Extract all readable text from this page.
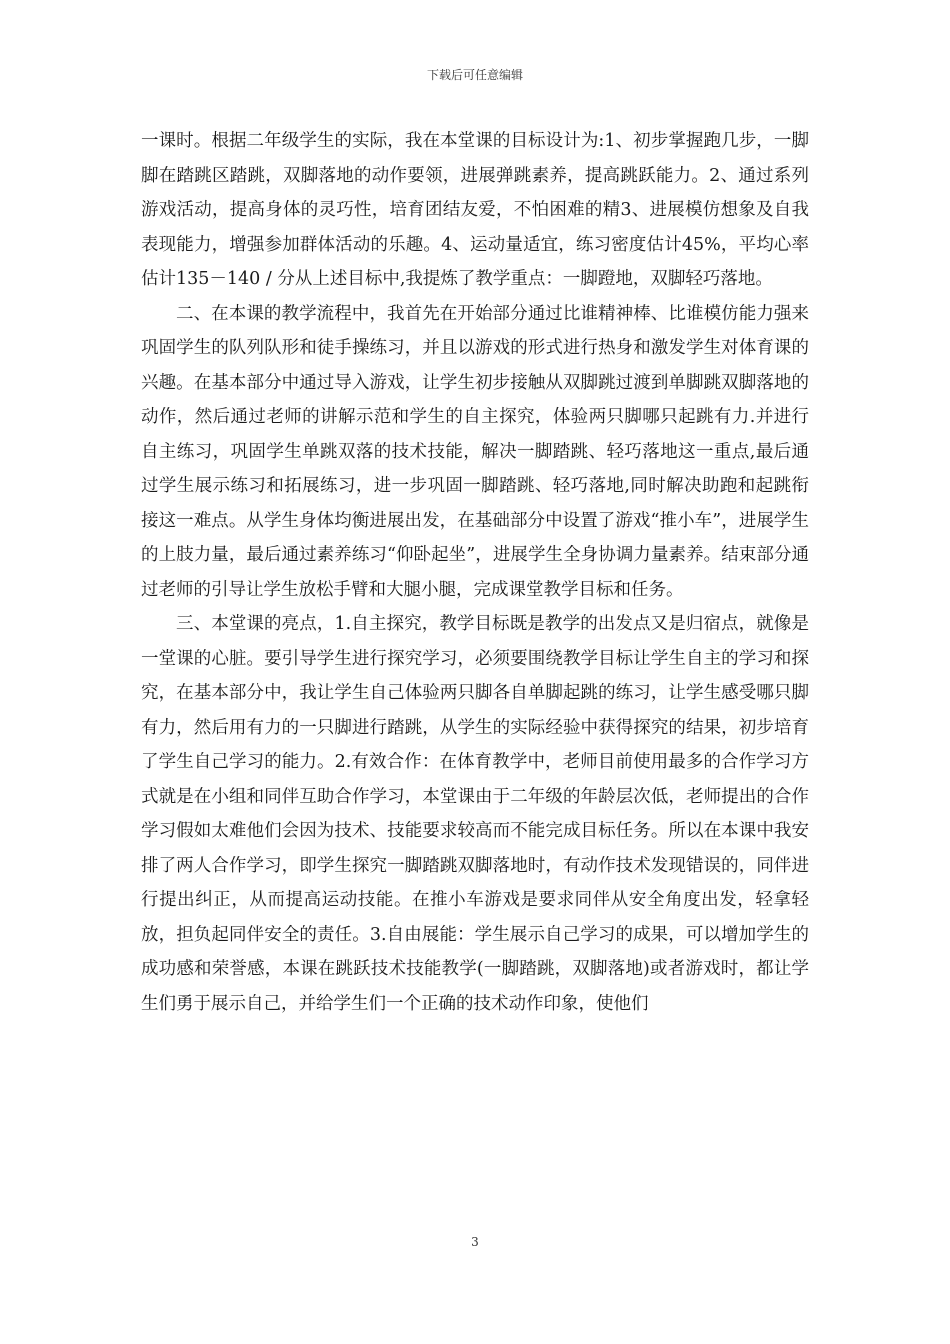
下载后可任意编辑

一课时。根据二年级学生的实际，我在本堂课的目标设计为:1、初步掌握跑几步，一脚脚在踏跳区踏跳，双脚落地的动作要领，进展弹跳素养，提高跳跃能力。2、通过系列游戏活动，提高身体的灵巧性，培育团结友爱，不怕困难的精3、进展模仿想象及自我表现能力，增强参加群体活动的乐趣。4、运动量适宜，练习密度估计45%，平均心率估计135－140 / 分从上述目标中,我提炼了教学重点：一脚蹬地，双脚轻巧落地。

二、在本课的教学流程中，我首先在开始部分通过比谁精神棒、比谁模仿能力强来巩固学生的队列队形和徒手操练习，并且以游戏的形式进行热身和激发学生对体育课的兴趣。在基本部分中通过导入游戏，让学生初步接触从双脚跳过渡到单脚跳双脚落地的动作，然后通过老师的讲解示范和学生的自主探究，体验两只脚哪只起跳有力.并进行自主练习，巩固学生单跳双落的技术技能，解决一脚踏跳、轻巧落地这一重点,最后通过学生展示练习和拓展练习，进一步巩固一脚踏跳、轻巧落地,同时解决助跑和起跳衔接这一难点。从学生身体均衡进展出发，在基础部分中设置了游戏“推小车”，进展学生的上肢力量，最后通过素养练习“仰卧起坐”，进展学生全身协调力量素养。结束部分通过老师的引导让学生放松手臂和大腿小腿，完成课堂教学目标和任务。

三、本堂课的亮点，1.自主探究，教学目标既是教学的出发点又是归宿点，就像是一堂课的心脏。要引导学生进行探究学习，必须要围绕教学目标让学生自主的学习和探究，在基本部分中，我让学生自己体验两只脚各自单脚起跳的练习，让学生感受哪只脚有力，然后用有力的一只脚进行踏跳，从学生的实际经验中获得探究的结果，初步培育了学生自己学习的能力。2.有效合作：在体育教学中，老师目前使用最多的合作学习方式就是在小组和同伴互助合作学习，本堂课由于二年级的年龄层次低，老师提出的合作学习假如太难他们会因为技术、技能要求较高而不能完成目标任务。所以在本课中我安排了两人合作学习，即学生探究一脚踏跳双脚落地时，有动作技术发现错误的，同伴进行提出纠正，从而提高运动技能。在推小车游戏是要求同伴从安全角度出发，轻拿轻放，担负起同伴安全的责任。3.自由展能：学生展示自己学习的成果，可以增加学生的成功感和荣誉感，本课在跳跃技术技能教学(一脚踏跳，双脚落地)或者游戏时，都让学生们勇于展示自己，并给学生们一个正确的技术动作印象，使他们

3
